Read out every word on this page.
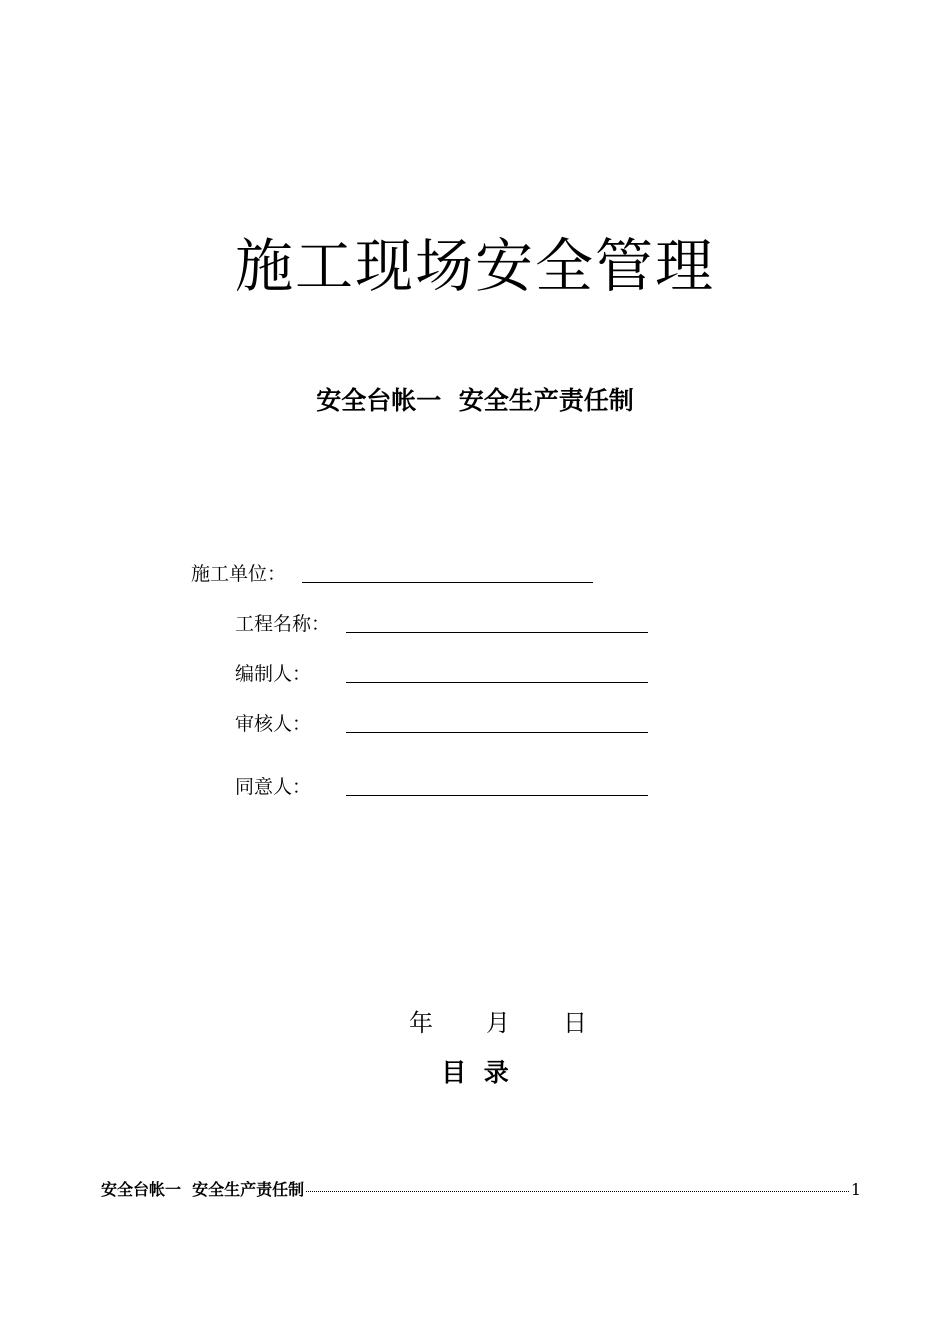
施工现场安全管理
安全台帐一  安全生产责任制
施工单位：
工程名称：
编制人：
审核人：
同意人：
年 月 日
目  录
安全台帐一  安全生产责任制	1
